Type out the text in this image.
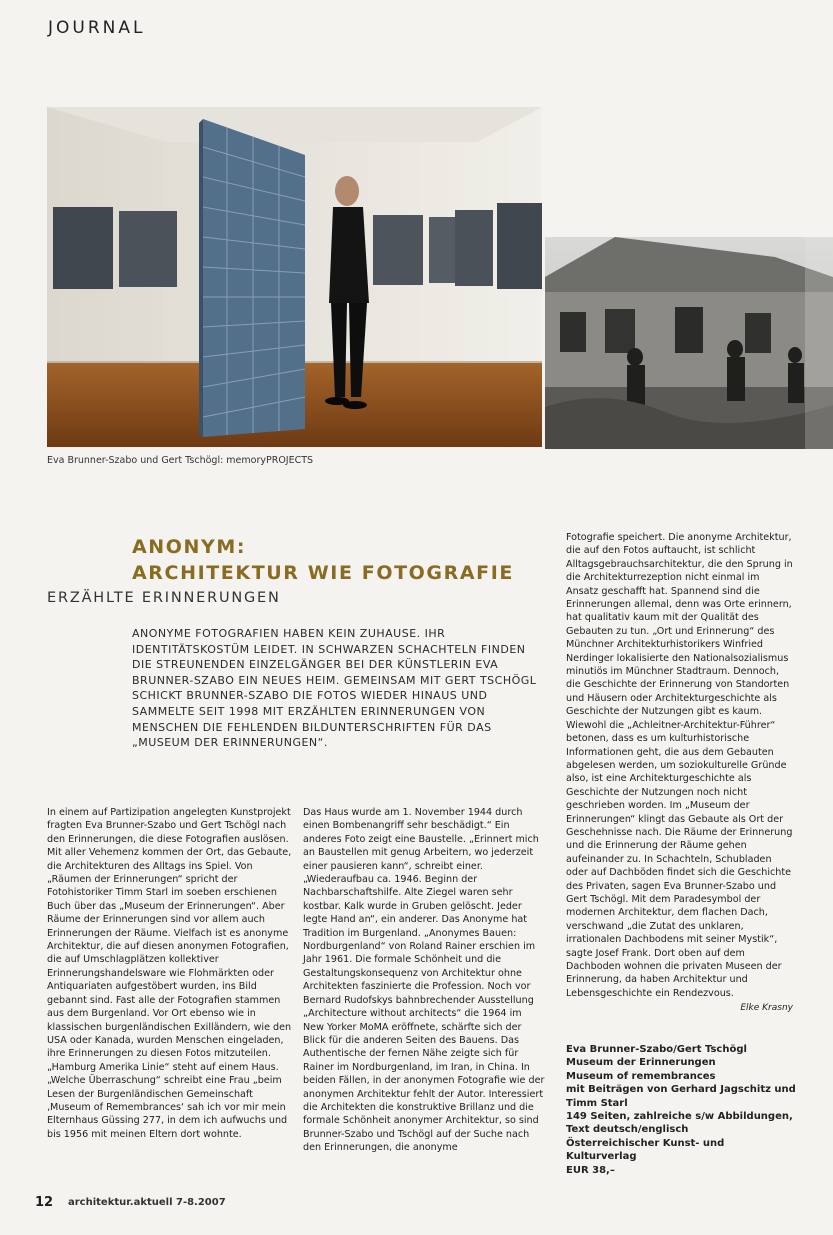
JOURNAL
Eva Brunner-Szabo und Gert Tschögl: memoryPROJECTS
ANONYM:
ARCHITEKTUR WIE FOTOGRAFIE
ERZÄHLTE ERINNERUNGEN
ANONYME FOTOGRAFIEN HABEN KEIN ZUHAUSE. IHR IDENTITÄTSKOSTÜM LEIDET. IN SCHWARZEN SCHACHTELN FINDEN DIE STREUNENDEN EINZELGÄNGER BEI DER KÜNSTLERIN EVA BRUNNER-SZABO EIN NEUES HEIM. GEMEINSAM MIT GERT TSCHÖGL SCHICKT BRUNNER-SZABO DIE FOTOS WIEDER HINAUS UND SAMMELTE SEIT 1998 MIT ERZÄHLTEN ERINNERUNGEN VON MENSCHEN DIE FEHLENDEN BILDUNTERSCHRIFTEN FÜR DAS „MUSEUM DER ERINNERUNGEN“.

In einem auf Partizipation angelegten Kunstprojekt fragten Eva Brunner-Szabo und Gert Tschögl nach den Erinnerungen, die diese Fotografien auslösen. Mit aller Vehemenz kommen der Ort, das Gebaute, die Architekturen des Alltags ins Spiel. Von „Räumen der Erinnerungen“ spricht der Fotohistoriker Timm Starl im soeben erschienen Buch über das „Museum der Erinnerungen“. Aber Räume der Erinnerungen sind vor allem auch Erinnerungen der Räume. Vielfach ist es anonyme Architektur, die auf diesen anonymen Fotografien, die auf Umschlagplätzen kollektiver Erinnerungshandelsware wie Flohmärkten oder Antiquariaten aufgestöbert wurden, ins Bild gebannt sind. Fast alle der Fotografien stammen aus dem Burgenland. Vor Ort ebenso wie in klassischen burgenländischen Exilländern, wie den USA oder Kanada, wurden Menschen eingeladen, ihre Erinnerungen zu diesen Fotos mitzuteilen. „Hamburg Amerika Linie“ steht auf einem Haus. „Welche Überraschung“ schreibt eine Frau „beim Lesen der Burgenländischen Gemeinschaft ‚Museum of Remembrances‘ sah ich vor mir mein Elternhaus Güssing 277, in dem ich aufwuchs und bis 1956 mit meinen Eltern dort wohnte.

Das Haus wurde am 1. November 1944 durch einen Bombenangriff sehr beschädigt.“ Ein anderes Foto zeigt eine Baustelle. „Erinnert mich an Baustellen mit genug Arbeitern, wo jederzeit einer pausieren kann“, schreibt einer. „Wiederaufbau ca. 1946. Beginn der Nachbarschaftshilfe. Alte Ziegel waren sehr kostbar. Kalk wurde in Gruben gelöscht. Jeder legte Hand an“, ein anderer. Das Anonyme hat Tradition im Burgenland. „Anonymes Bauen: Nordburgenland“ von Roland Rainer erschien im Jahr 1961. Die formale Schönheit und die Gestaltungskonsequenz von Architektur ohne Architekten faszinierte die Profession. Noch vor Bernard Rudofskys bahnbrechender Ausstellung „Architecture without architects“ die 1964 im New Yorker MoMA eröffnete, schärfte sich der Blick für die anderen Seiten des Bauens. Das Authentische der fernen Nähe zeigte sich für Rainer im Nordburgenland, im Iran, in China. In beiden Fällen, in der anonymen Fotografie wie der anonymen Architektur fehlt der Autor. Interessiert die Architekten die konstruktive Brillanz und die formale Schönheit anonymer Architektur, so sind Brunner-Szabo und Tschögl auf der Suche nach den Erinnerungen, die anonyme

Fotografie speichert. Die anonyme Architektur, die auf den Fotos auftaucht, ist schlicht Alltagsgebrauchsarchitektur, die den Sprung in die Architekturrezeption nicht einmal im Ansatz geschafft hat. Spannend sind die Erinnerungen allemal, denn was Orte erinnern, hat qualitativ kaum mit der Qualität des Gebauten zu tun. „Ort und Erinnerung“ des Münchner Architekturhistorikers Winfried Nerdinger lokalisierte den Nationalsozialismus minutiös im Münchner Stadtraum. Dennoch, die Geschichte der Erinnerung von Standorten und Häusern oder Architekturgeschichte als Geschichte der Nutzungen gibt es kaum. Wiewohl die „Achleitner-Architektur-Führer“ betonen, dass es um kulturhistorische Informationen geht, die aus dem Gebauten abgelesen werden, um soziokulturelle Gründe also, ist eine Architekturgeschichte als Geschichte der Nutzungen noch nicht geschrieben worden. Im „Museum der Erinnerungen“ klingt das Gebaute als Ort der Geschehnisse nach. Die Räume der Erinnerung und die Erinnerung der Räume gehen aufeinander zu. In Schachteln, Schubladen oder auf Dachböden findet sich die Geschichte des Privaten, sagen Eva Brunner-Szabo und Gert Tschögl. Mit dem Paradesymbol der modernen Architektur, dem flachen Dach, verschwand „die Zutat des unklaren, irrationalen Dachbodens mit seiner Mystik“, sagte Josef Frank. Dort oben auf dem Dachboden wohnen die privaten Museen der Erinnerung, da haben Architektur und Lebensgeschichte ein Rendezvous.

Elke Krasny
Eva Brunner-Szabo/Gert Tschögl
Museum der Erinnerungen
Museum of remembrances
mit Beiträgen von Gerhard Jagschitz und Timm Starl
149 Seiten, zahlreiche s/w Abbildungen, Text deutsch/englisch
Österreichischer Kunst- und Kulturverlag
EUR 38,–
12 architektur.aktuell 7-8.2007
